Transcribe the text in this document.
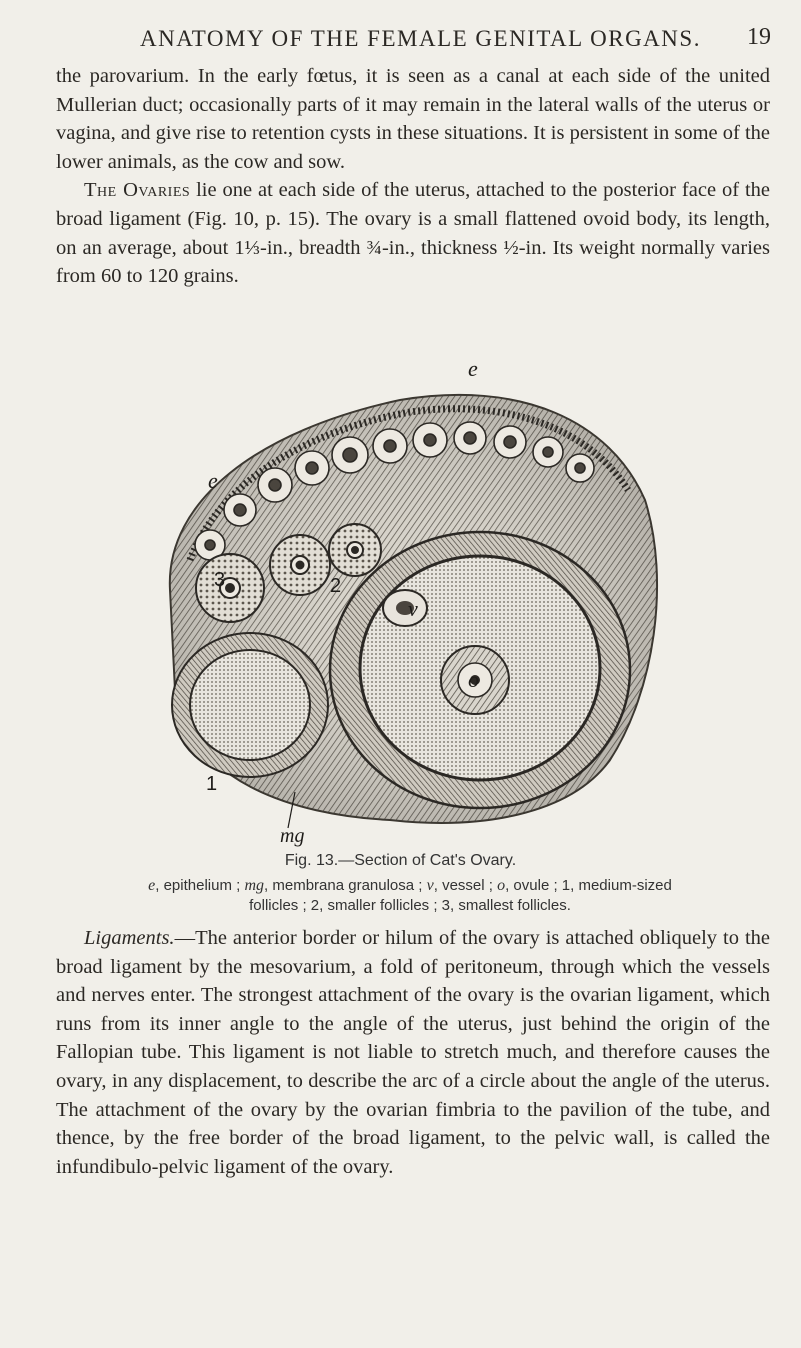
ANATOMY OF THE FEMALE GENITAL ORGANS. 19

the parovarium. In the early fœtus, it is seen as a canal at each side of the united Mullerian duct; occasionally parts of it may remain in the lateral walls of the uterus or vagina, and give rise to retention cysts in these situations. It is persistent in some of the lower animals, as the cow and sow.

The Ovaries lie one at each side of the uterus, attached to the posterior face of the broad ligament (Fig. 10, p. 15). The ovary is a small flattened ovoid body, its length, on an average, about 1⅓-in., breadth ¾-in., thickness ½-in. Its weight normally varies from 60 to 120 grains.

e
e
v
o
mg
3	2
1
Fig. 13.—Section of Cat's Ovary.
e, epithelium ; mg, membrana granulosa ; v, vessel ; o, ovule ; 1, medium-sized
follicles ; 2, smaller follicles ; 3, smallest follicles.

Ligaments.—The anterior border or hilum of the ovary is attached obliquely to the broad ligament by the mesovarium, a fold of peritoneum, through which the vessels and nerves enter. The strongest attachment of the ovary is the ovarian ligament, which runs from its inner angle to the angle of the uterus, just behind the origin of the Fallopian tube. This ligament is not liable to stretch much, and therefore causes the ovary, in any displacement, to describe the arc of a circle about the angle of the uterus. The attachment of the ovary by the ovarian fimbria to the pavilion of the tube, and thence, by the free border of the broad ligament, to the pelvic wall, is called the infundibulo-pelvic ligament of the ovary.
